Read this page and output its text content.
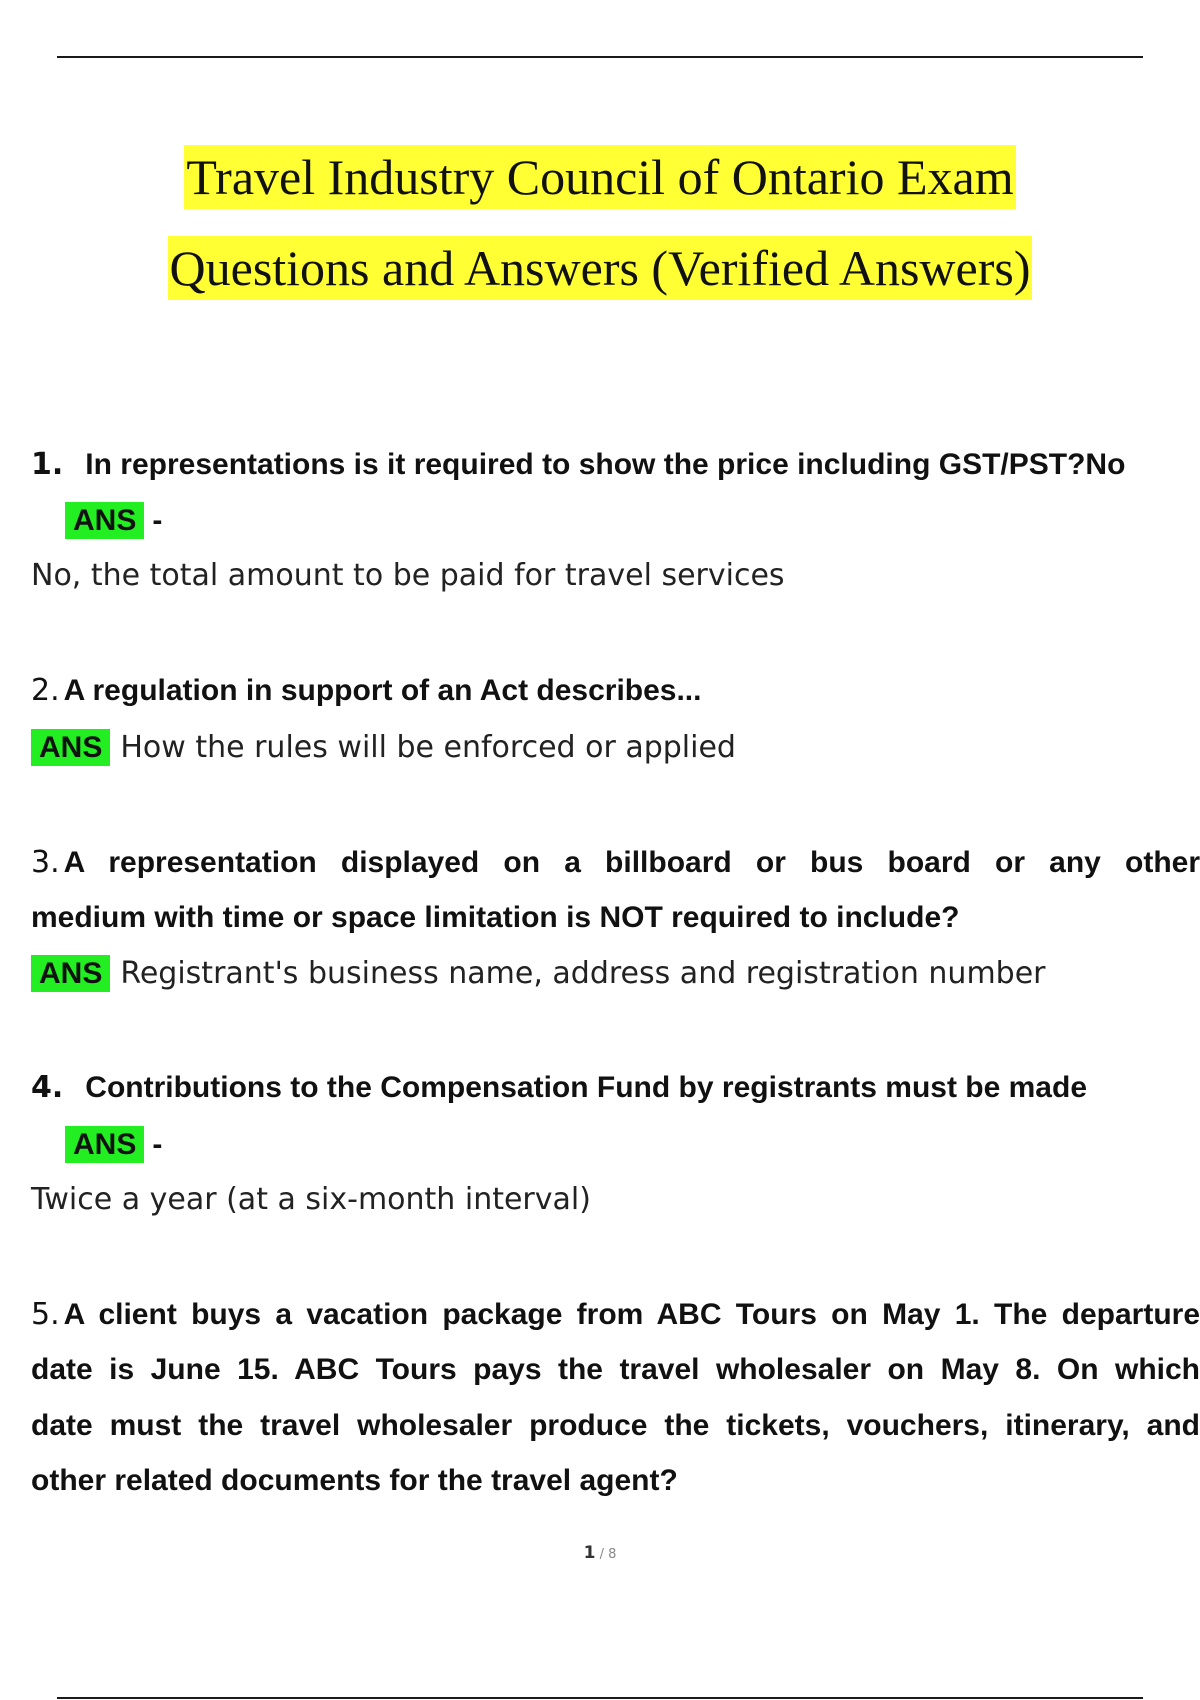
Travel Industry Council of Ontario Exam
Questions and Answers (Verified Answers)
1. In representations is it required to show the price including GST/PST?No
ANS -
No, the total amount to be paid for travel services
2. A regulation in support of an Act describes...
ANS How the rules will be enforced or applied
3. A representation displayed on a billboard or bus board or any other
medium with time or space limitation is NOT required to include?
ANS Registrant's business name, address and registration number
4. Contributions to the Compensation Fund by registrants must be made
ANS -
Twice a year (at a six-month interval)
5. A client buys a vacation package from ABC Tours on May 1. The departure
date is June 15. ABC Tours pays the travel wholesaler on May 8. On which
date must the travel wholesaler produce the tickets, vouchers, itinerary, and
other related documents for the travel agent?
1 / 8
